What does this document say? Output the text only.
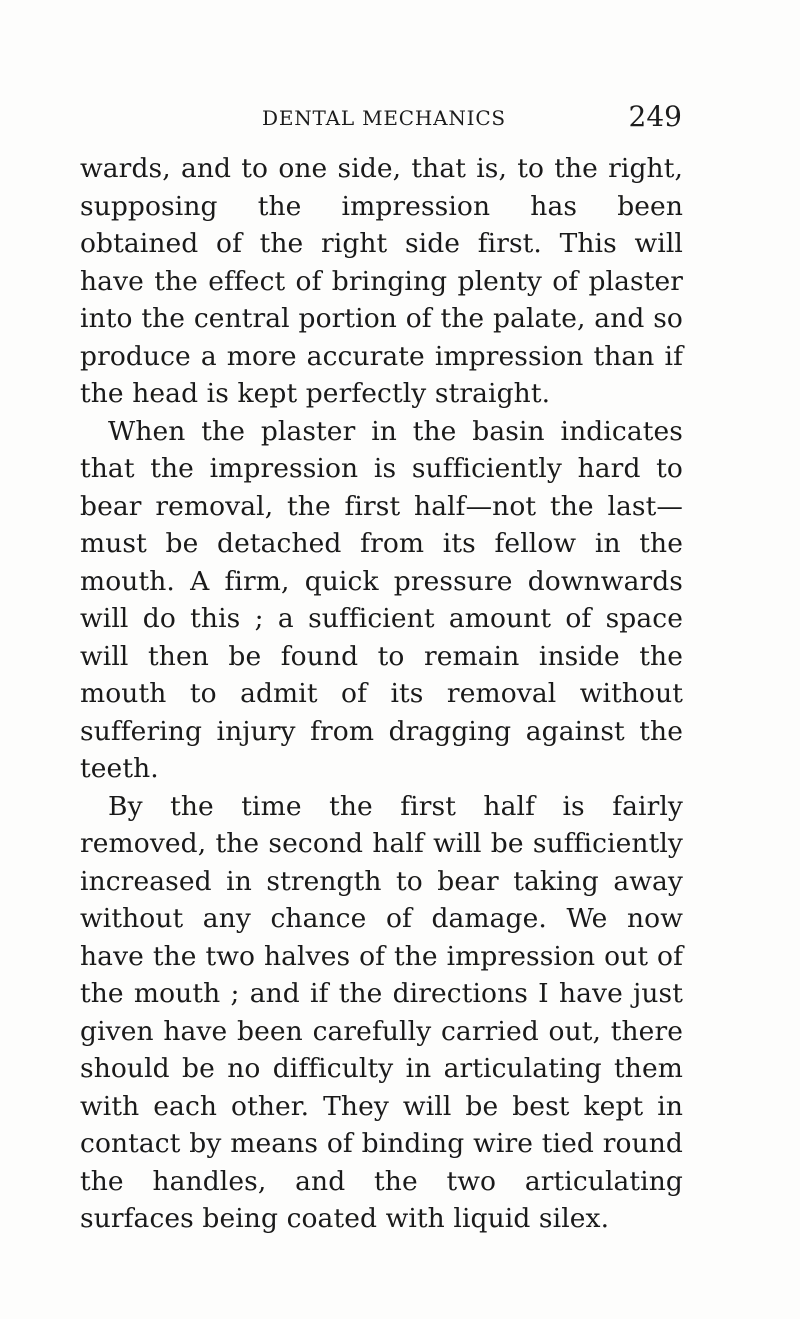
DENTAL MECHANICS	249

wards, and to one side, that is, to the right, supposing the impression has been obtained of the right side first. This will have the effect of bringing plenty of plaster into the central portion of the palate, and so produce a more accurate impression than if the head is kept perfectly straight.

When the plaster in the basin indicates that the impression is sufficiently hard to bear removal, the first half—not the last—must be detached from its fellow in the mouth. A firm, quick pressure downwards will do this ; a sufficient amount of space will then be found to remain inside the mouth to admit of its removal without suffering injury from dragging against the teeth.

By the time the first half is fairly removed, the second half will be sufficiently increased in strength to bear taking away without any chance of damage. We now have the two halves of the impression out of the mouth ; and if the directions I have just given have been carefully carried out, there should be no difficulty in articulating them with each other. They will be best kept in contact by means of binding wire tied round the handles, and the two articulating surfaces being coated with liquid silex.
